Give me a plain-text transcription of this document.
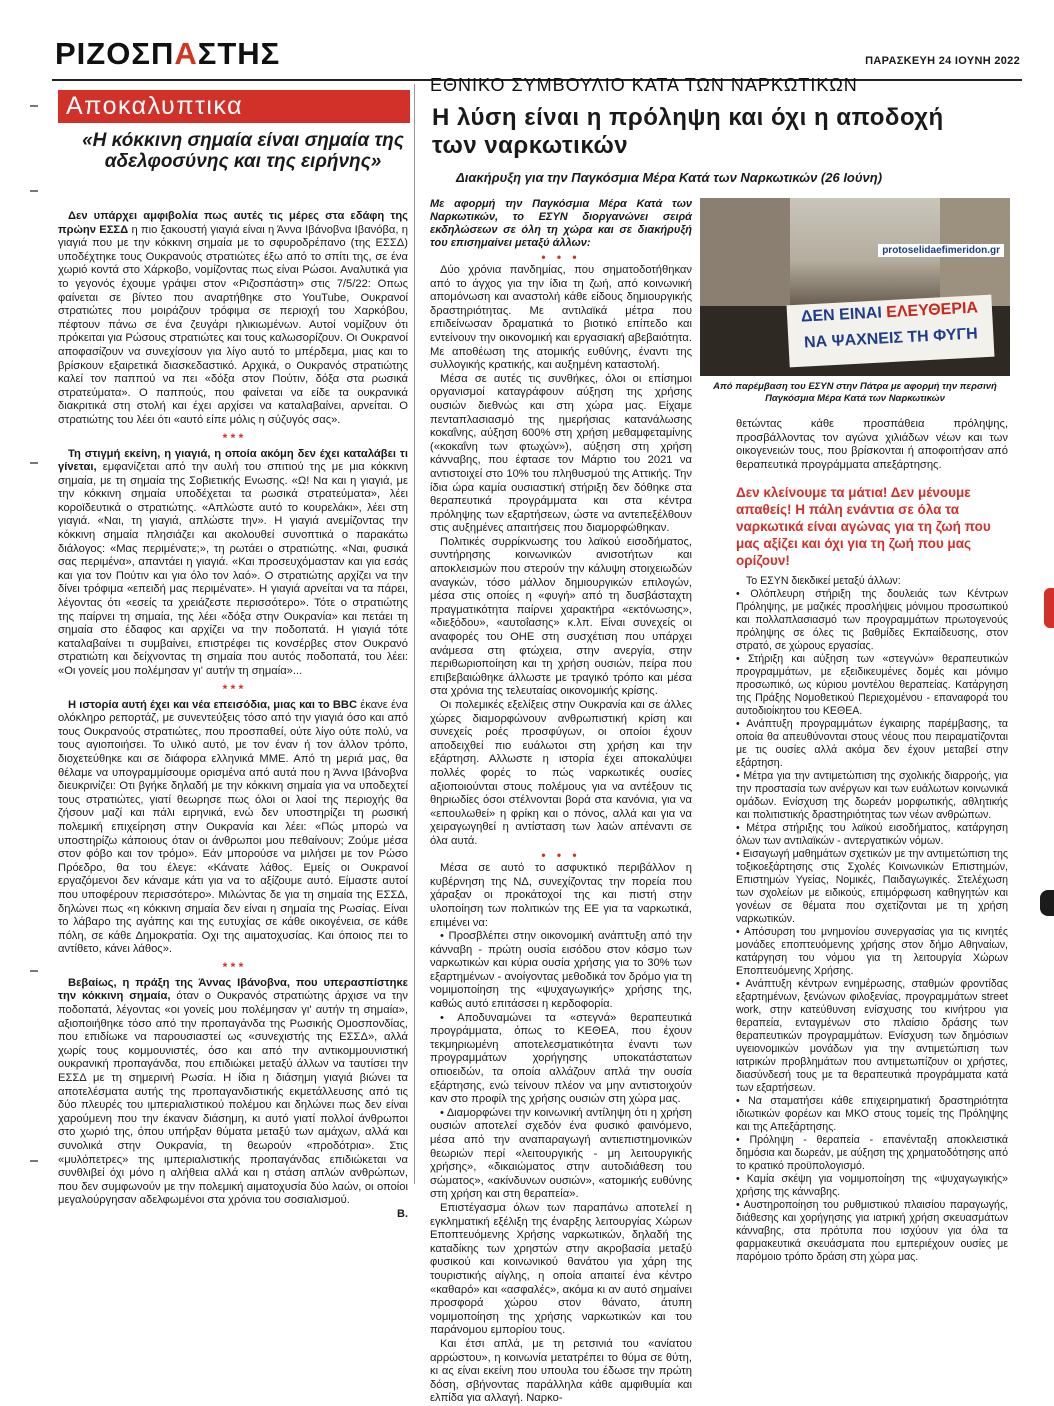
ΡΙΖΟΣΠΑΣΤΗΣ	ΠΑΡΑΣΚΕΥΗ 24 ΙΟΥΝΗ 2022
Αποκαλυπτικα
«Η κόκκινη σημαία είναι σημαία της αδελφοσύνης και της ειρήνης»

Δεν υπάρχει αμφιβολία πως αυτές τις μέρες στα εδάφη της πρώην ΕΣΣΔ η πιο ξακουστή γιαγιά είναι η Άννα Ιβάνοβνα Ιβανόβα, η γιαγιά που με την κόκκινη σημαία με το σφυροδρέπανο (της ΕΣΣΔ) υποδέχτηκε τους Ουκρανούς στρατιώτες έξω από το σπίτι της, σε ένα χωριό κοντά στο Χάρκοβο, νομίζοντας πως είναι Ρώσοι. Αναλυτικά για το γεγονός έχουμε γράψει στον «Ριζοσπάστη» στις 7/5/22: Οπως φαίνεται σε βίντεο που αναρτήθηκε στο YouTube, Ουκρανοί στρατιώτες που μοιράζουν τρόφιμα σε περιοχή του Χαρκόβου, πέφτουν πάνω σε ένα ζευγάρι ηλικιωμένων. Αυτοί νομίζουν ότι πρόκειται για Ρώσους στρατιώτες και τους καλωσορίζουν. Οι Ουκρανοί αποφασίζουν να συνεχίσουν για λίγο αυτό το μπέρδεμα, μιας και το βρίσκουν εξαιρετικά διασκεδαστικό. Αρχικά, ο Ουκρανός στρατιώτης καλεί τον παππού να πει «δόξα στον Πούτιν, δόξα στα ρωσικά στρατεύματα». Ο παππούς, που φαίνεται να είδε τα ουκρανικά διακριτικά στη στολή και έχει αρχίσει να καταλαβαίνει, αρνείται. Ο στρατιώτης του λέει ότι «αυτό είπε μόλις η σύζυγός σας».

* * *

Τη στιγμή εκείνη, η γιαγιά, η οποία ακόμη δεν έχει καταλάβει τι γίνεται, εμφανίζεται από την αυλή του σπιτιού της με μια κόκκινη σημαία, με τη σημαία της Σοβιετικής Ενωσης. «Ω! Να και η γιαγιά, με την κόκκινη σημαία υποδέχεται τα ρωσικά στρατεύματα», λέει κοροϊδευτικά ο στρατιώτης. «Απλώστε αυτό το κουρελάκι», λέει στη γιαγιά. «Ναι, τη γιαγιά, απλώστε την». Η γιαγιά ανεμίζοντας την κόκκινη σημαία πλησιάζει και ακολουθεί συνοπτικά ο παρακάτω διάλογος: «Μας περιμένατε;», τη ρωτάει ο στρατιώτης. «Ναι, φυσικά σας περιμένα», απαντάει η γιαγιά. «Και προσευχόμασταν και για εσάς και για τον Πούτιν και για όλο τον λαό». Ο στρατιώτης αρχίζει να την δίνει τρόφιμα «επειδή μας περιμένατε». Η γιαγιά αρνείται να τα πάρει, λέγοντας ότι «εσείς τα χρειάζεστε περισσότερο». Τότε ο στρατιώτης της παίρνει τη σημαία, της λέει «δόξα στην Ουκρανία» και πετάει τη σημαία στο έδαφος και αρχίζει να την ποδοπατά. Η γιαγιά τότε καταλαβαίνει τι συμβαίνει, επιστρέφει τις κονσέρβες στον Ουκρανό στρατιώτη και δείχνοντας τη σημαία που αυτός ποδοπατά, του λέει: «Οι γονείς μου πολέμησαν γι' αυτήν τη σημαία»...

* * *

Η ιστορία αυτή έχει και νέα επεισόδια, μιας και το BBC έκανε ένα ολόκληρο ρεπορτάζ, με συνεντεύξεις τόσο από την γιαγιά όσο και από τους Ουκρανούς στρατιώτες, που προσπαθεί, ούτε λίγο ούτε πολύ, να τους αγιοποιήσει. Το υλικό αυτό, με τον έναν ή τον άλλον τρόπο, διοχετεύθηκε και σε διάφορα ελληνικά ΜΜΕ. Από τη μεριά μας, θα θέλαμε να υπογραμμίσουμε ορισμένα από αυτά που η Άννα Ιβάνοβνα διευκρινίζει: Οτι βγήκε δηλαδή με την κόκκινη σημαία για να υποδεχτεί τους στρατιώτες, γιατί θεωρησε πως όλοι οι λαοί της περιοχής θα ζήσουν μαζί και πάλι ειρηνικά, ενώ δεν υποστηρίζει τη ρωσική πολεμική επιχείρηση στην Ουκρανία και λέει: «Πώς μπορώ να υποστηρίζω κάποιους όταν οι άνθρωποι μου πεθαίνουν; Ζούμε μέσα στον φόβο και τον τρόμο». Εάν μπορούσε να μιλήσει με τον Ρώσο Πρόεδρο, θα του έλεγε: «Κάνατε λάθος. Εμείς οι Ουκρανοί εργαζόμενοι δεν κάναμε κάτι για να το αξίζουμε αυτό. Είμαστε αυτοί που υποφέρουν περισσότερο». Μιλώντας δε για τη σημαία της ΕΣΣΔ, δηλώνει πως «η κόκκινη σημαία δεν είναι η σημαία της Ρωσίας. Είναι το λάβαρο της αγάπης και της ευτυχίας σε κάθε οικογένεια, σε κάθε πόλη, σε κάθε Δημοκρατία. Οχι της αιματοχυσίας. Και όποιος πει το αντίθετο, κάνει λάθος».

* * *

Βεβαίως, η πράξη της Άννας Ιβάνοβνα, που υπερασπίστηκε την κόκκινη σημαία, όταν ο Ουκρανός στρατιώτης άρχισε να την ποδοπατά, λέγοντας «οι γονείς μου πολέμησαν γι' αυτήν τη σημαία», αξιοποιήθηκε τόσο από την προπαγάνδα της Ρωσικής Ομοσπονδίας, που επιδίωκε να παρουσιαστεί ως «συνεχιστής της ΕΣΣΔ», αλλά χωρίς τους κομμουνιστές, όσο και από την αντικομμουνιστική ουκρανική προπαγάνδα, που επιδιώκει μεταξύ άλλων να ταυτίσει την ΕΣΣΔ με τη σημερινή Ρωσία. Η ίδια η διάσημη γιαγιά βιώνει τα αποτελέσματα αυτής της προπαγανδιστικής εκμετάλλευσης από τις δύο πλευρές του ιμπεριαλιστικού πολέμου και δηλώνει πως δεν είναι χαρούμενη που την έκαναν διάσημη, κι αυτό γιατί πολλοί άνθρωποι στο χωριό της, όπου υπήρξαν θύματα μεταξύ των αμάχων, αλλά και συνολικά στην Ουκρανία, τη θεωρούν «προδότρια». Στις «μυλόπετρες» της ιμπεριαλιστικής προπαγάνδας επιδιώκεται να συνθλιβεί όχι μόνο η αλήθεια αλλά και η στάση απλών ανθρώπων, που δεν συμφωνούν με την πολεμική αιματοχυσία δύο λαών, οι οποίοι μεγαλούργησαν αδελφωμένοι στα χρόνια του σοσιαλισμού.

Β.
ΕΘΝΙΚΟ ΣΥΜΒΟΥΛΙΟ ΚΑΤΑ ΤΩΝ ΝΑΡΚΩΤΙΚΩΝ
Η λύση είναι η πρόληψη και όχι η αποδοχή των ναρκωτικών
Διακήρυξη για την Παγκόσμια Μέρα Κατά των Ναρκωτικών (26 Ιούνη)
Με αφορμή την Παγκόσμια Μέρα Κατά των Ναρκωτικών, το ΕΣΥΝ διοργανώνει σειρά εκδηλώσεων σε όλη τη χώρα και σε διακήρυξή του επισημαίνει μεταξύ άλλων:
• • •

Δύο χρόνια πανδημίας, που σηματοδοτήθηκαν από το άγχος για την ίδια τη ζωή, από κοινωνική απομόνωση και αναστολή κάθε είδους δημιουργικής δραστηριότητας. Με αντιλαϊκά μέτρα που επιδείνωσαν δραματικά το βιοτικό επίπεδο και εντείνουν την οικονομική και εργασιακή αβεβαιότητα. Με αποθέωση της ατομικής ευθύνης, έναντι της συλλογικής κρατικής, και αυξημένη καταστολή.

Μέσα σε αυτές τις συνθήκες, όλοι οι επίσημοι οργανισμοί καταγράφουν αύξηση της χρήσης ουσιών διεθνώς και στη χώρα μας. Είχαμε πενταπλασιασμό της ημερήσιας κατανάλωσης κοκαΐνης, αύξηση 600% στη χρήση μεθαμφεταμίνης («κοκαΐνη των φτωχών»), αύξηση στη χρήση κάνναβης, που έφτασε τον Μάρτιο του 2021 να αντιστοιχεί στο 10% του πληθυσμού της Αττικής. Την ίδια ώρα καμία ουσιαστική στήριξη δεν δόθηκε στα θεραπευτικά προγράμματα και στα κέντρα πρόληψης των εξαρτήσεων, ώστε να αντεπεξέλθουν στις αυξημένες απαιτήσεις που διαμορφώθηκαν.

Πολιτικές συρρίκνωσης του λαϊκού εισοδήματος, συντήρησης κοινωνικών ανισοτήτων και αποκλεισμών που στερούν την κάλυψη στοιχειωδών αναγκών, τόσο μάλλον δημιουργικών επιλογών, μέσα στις οποίες η «φυγή» από τη δυσβάσταχτη πραγματικότητα παίρνει χαρακτήρα «εκτόνωσης», «διεξόδου», «αυτοΐασης» κ.λπ. Είναι συνεχείς οι αναφορές του ΟΗΕ στη συσχέτιση που υπάρχει ανάμεσα στη φτώχεια, στην ανεργία, στην περιθωριοποίηση και τη χρήση ουσιών, πείρα που επιβεβαιώθηκε άλλωστε με τραγικό τρόπο και μέσα στα χρόνια της τελευταίας οικονομικής κρίσης.

Οι πολεμικές εξελίξεις στην Ουκρανία και σε άλλες χώρες διαμορφώνουν ανθρωπιστική κρίση και συνεχείς ροές προσφύγων, οι οποίοι έχουν αποδειχθεί πιο ευάλωτοι στη χρήση και την εξάρτηση. Αλλωστε η ιστορία έχει αποκαλύψει πολλές φορές το πώς ναρκωτικές ουσίες αξιοποιούνται στους πολέμους για να αντέξουν τις θηριωδίες όσοι στέλνονται βορά στα κανόνια, για να «επουλωθεί» η φρίκη και ο πόνος, αλλά και για να χειραγωγηθεί η αντίσταση των λαών απέναντι σε όλα αυτά.

• • •

Μέσα σε αυτό το ασφυκτικό περιβάλλον η κυβέρνηση της ΝΔ, συνεχίζοντας την πορεία που χάραξαν οι προκάτοχοί της και πιστή στην υλοποίηση των πολιτικών της ΕΕ για τα ναρκωτικά, επιμένει να:

• Προσβλέπει στην οικονομική ανάπτυξη από την κάνναβη - πρώτη ουσία εισόδου στον κόσμο των ναρκωτικών και κύρια ουσία χρήσης για το 30% των εξαρτημένων - ανοίγοντας μεθοδικά τον δρόμο για τη νομιμοποίηση της «ψυχαγωγικής» χρήσης της, καθώς αυτό επιτάσσει η κερδοφορία.

• Αποδυναμώνει τα «στεγνά» θεραπευτικά προγράμματα, όπως το ΚΕΘΕΑ, που έχουν τεκμηριωμένη αποτελεσματικότητα έναντι των προγραμμάτων χορήγησης υποκατάστατων οπιοειδών, τα οποία αλλάζουν απλά την ουσία εξάρτησης, ενώ τείνουν πλέον να μην αντιστοιχούν καν στο προφίλ της χρήσης ουσιών στη χώρα μας.

• Διαμορφώνει την κοινωνική αντίληψη ότι η χρήση ουσιών αποτελεί σχεδόν ένα φυσικό φαινόμενο, μέσα από την αναπαραγωγή αντιεπιστημονικών θεωριών περί «λειτουργικής - μη λειτουργικής χρήσης», «δικαιώματος στην αυτοδιάθεση του σώματος», «ακίνδυνων ουσιών», «ατομικής ευθύνης στη χρήση και στη θεραπεία».

Επιστέγασμα όλων των παραπάνω αποτελεί η εγκληματική εξέλιξη της έναρξης λειτουργίας Χώρων Εποπτευόμενης Χρήσης ναρκωτικών, δηλαδή της καταδίκης των χρηστών στην ακροβασία μεταξύ φυσικού και κοινωνικού θανάτου για χάρη της τουριστικής αίγλης, η οποία απαιτεί ένα κέντρο «καθαρό» και «ασφαλές», ακόμα κι αν αυτό σημαίνει προσφορά χώρου στον θάνατο, άτυπη νομιμοποίηση της χρήσης ναρκωτικών και του παράνομου εμπορίου τους.

Και έτσι απλά, με τη ρετσινιά του «ανίατου αρρώστου», η κοινωνία μετατρέπει το θύμα σε θύτη, κι ας είναι εκείνη που υπουλα του έδωσε την πρώτη δόση, σβήνοντας παράλληλα κάθε αμφιθυμία και ελπίδα για αλλαγή. Ναρκο-

ΔΕΝ ΕΙΝΑΙ ΕΛΕΥΘΕΡΙΑ
ΝΑ ΨΑΧΝΕΙΣ ΤΗ ΦΥΓΗ
protoselidaefimeridon.gr
Από παρέμβαση του ΕΣΥΝ στην Πάτρα με αφορμή την περσινή Παγκόσμια Μέρα Κατά των Ναρκωτικών

θετώντας κάθε προσπάθεια πρόληψης, προσβάλλοντας τον αγώνα χιλιάδων νέων και των οικογενειών τους, που βρίσκονται ή αποφοιτήσαν από θεραπευτικά προγράμματα απεξάρτησης.

Δεν κλείνουμε τα μάτια! Δεν μένουμε απαθείς! Η πάλη ενάντια σε όλα τα ναρκωτικά είναι αγώνας για τη ζωή που μας αξίζει και όχι για τη ζωή που μας ορίζουν!

Το ΕΣΥΝ διεκδικεί μεταξύ άλλων:

• Ολόπλευρη στήριξη της δουλειάς των Κέντρων Πρόληψης, με μαζικές προσλήψεις μόνιμου προσωπικού και πολλαπλασιασμό των προγραμμάτων πρωτογενούς πρόληψης σε όλες τις βαθμίδες Εκπαίδευσης, στον στρατό, σε χώρους εργασίας.

• Στήριξη και αύξηση των «στεγνών» θεραπευτικών προγραμμάτων, με εξειδικευμένες δομές και μόνιμο προσωπικό, ως κύριου μοντέλου θεραπείας. Κατάργηση της Πράξης Νομοθετικού Περιεχομένου - επαναφορά του αυτοδιοίκητου του ΚΕΘΕΑ.

• Ανάπτυξη προγραμμάτων έγκαιρης παρέμβασης, τα οποία θα απευθύνονται στους νέους που πειραματίζονται με τις ουσίες αλλά ακόμα δεν έχουν μεταβεί στην εξάρτηση.

• Μέτρα για την αντιμετώπιση της σχολικής διαρροής, για την προστασία των ανέργων και των ευάλωτων κοινωνικά ομάδων. Ενίσχυση της δωρεάν μορφωτικής, αθλητικής και πολιτιστικής δραστηριότητας των νέων ανθρώπων.

• Μέτρα στήριξης του λαϊκού εισοδήματος, κατάργηση όλων των αντιλαϊκών - αντεργατικών νόμων.

• Εισαγωγή μαθημάτων σχετικών με την αντιμετώπιση της τοξικοεξάρτησης στις Σχολές Κοινωνικών Επιστημών, Επιστημών Υγείας, Νομικές, Παιδαγωγικές. Στελέχωση των σχολείων με ειδικούς, επιμόρφωση καθηγητών και γονέων σε θέματα που σχετίζονται με τη χρήση ναρκωτικών.

• Απόσυρση του μνημονίου συνεργασίας για τις κινητές μονάδες εποπτευόμενης χρήσης στον δήμο Αθηναίων, κατάργηση του νόμου για τη λειτουργία Χώρων Εποπτευόμενης Χρήσης.

• Ανάπτυξη κέντρων ενημέρωσης, σταθμών φροντίδας εξαρτημένων, ξενώνων φιλοξενίας, προγραμμάτων street work, στην κατεύθυνση ενίσχυσης του κινήτρου για θεραπεία, ενταγμένων στο πλαίσιο δράσης των θεραπευτικών προγραμμάτων. Ενίσχυση των δημόσιων υγειονομικών μονάδων για την αντιμετώπιση των ιατρικών προβλημάτων που αντιμετωπίζουν οι χρήστες, διασύνδεσή τους με τα θεραπευτικά προγράμματα κατά των εξαρτήσεων.

• Να σταματήσει κάθε επιχειρηματική δραστηριότητα ιδιωτικών φορέων και ΜΚΟ στους τομείς της Πρόληψης και της Απεξάρτησης.

• Πρόληψη - θεραπεία - επανένταξη αποκλειστικά δημόσια και δωρεάν, με αύξηση της χρηματοδότησης από το κρατικό προϋπολογισμό.

• Καμία σκέψη για νομιμοποίηση της «ψυχαγωγικής» χρήσης της κάνναβης.

• Αυστηροποίηση του ρυθμιστικού πλαισίου παραγωγής, διάθεσης και χορήγησης για ιατρική χρήση σκευασμάτων κάνναβης, στα πρότυπα που ισχύουν για όλα τα φαρμακευτικά σκευάσματα που εμπεριέχουν ουσίες με παρόμοιο τρόπο δράση στη χώρα μας.
